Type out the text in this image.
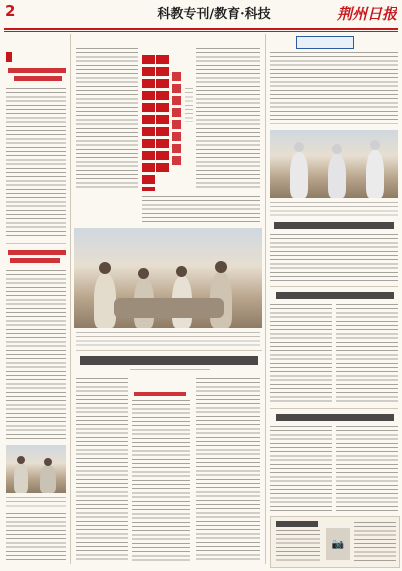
2	科教专刊/教育·科技	荆州日报
📷
